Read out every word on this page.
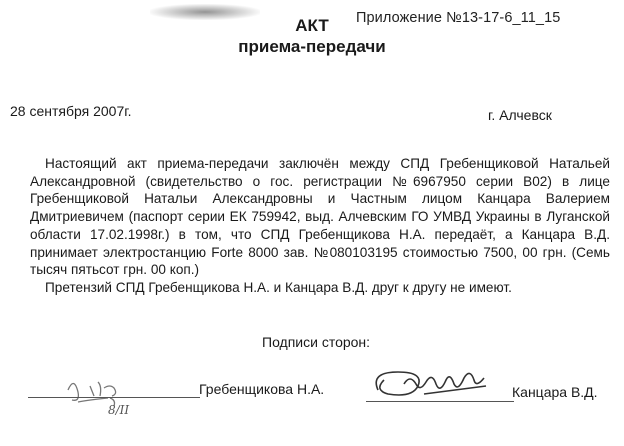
Приложение №13-17-6_11_15
АКТ
приема-передачи
28 сентября 2007г.	г. Алчевск

Настоящий акт приема-передачи заключён между СПД Гребенщиковой Натальей Александровной (свидетельство о гос. регистрации №6967950 серии В02) в лице Гребенщиковой Натальи Александровны и Частным лицом Канцара Валерием Дмитриевичем (паспорт серии ЕК 759942, выд. Алчевским ГО УМВД Украины в Луганской области 17.02.1998г.) в том, что СПД Гребенщикова Н.А. передаёт, а Канцара В.Д. принимает электростанцию Forte 8000 зав. №080103195 стоимостью 7500, 00 грн. (Семь тысяч пятьсот грн. 00 коп.)

Претензий СПД Гребенщикова Н.А. и Канцара В.Д. друг к другу не имеют.

Подписи сторон:
8/II
Гребенщикова Н.А.	Канцара В.Д.
